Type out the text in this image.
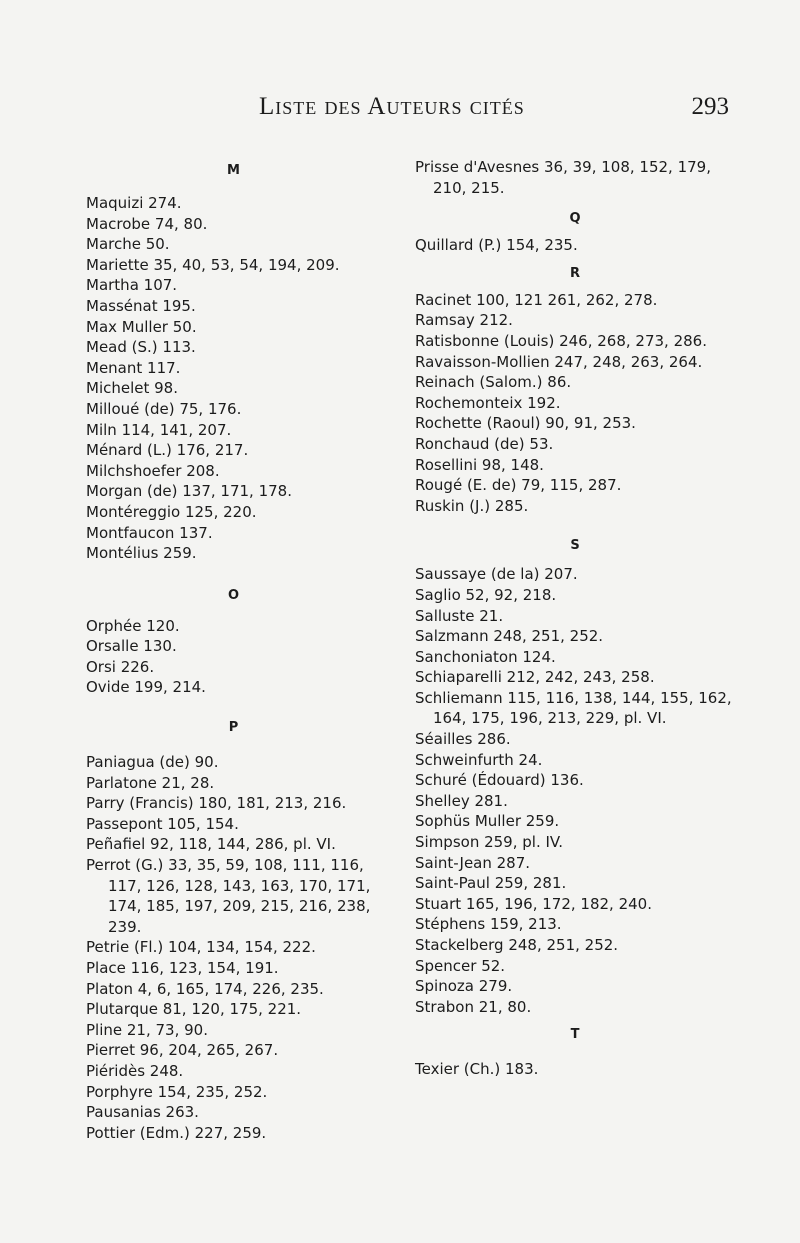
Liste des Auteurs cités	293
M
Maquizi 274.
Macrobe 74, 80.
Marche 50.
Mariette 35, 40, 53, 54, 194, 209.
Martha 107.
Massénat 195.
Max Muller 50.
Mead (S.) 113.
Menant 117.
Michelet 98.
Milloué (de) 75, 176.
Miln 114, 141, 207.
Ménard (L.) 176, 217.
Milchshoefer 208.
Morgan (de) 137, 171, 178.
Montéreggio 125, 220.
Montfaucon 137.
Montélius 259.
O
Orphée 120.
Orsalle 130.
Orsi 226.
Ovide 199, 214.
P
Paniagua (de) 90.
Parlatone 21, 28.
Parry (Francis) 180, 181, 213, 216.
Passepont 105, 154.
Peñafiel 92, 118, 144, 286, pl. VI.
Perrot (G.) 33, 35, 59, 108, 111, 116, 117, 126, 128, 143, 163, 170, 171, 174, 185, 197, 209, 215, 216, 238, 239.
Petrie (Fl.) 104, 134, 154, 222.
Place 116, 123, 154, 191.
Platon 4, 6, 165, 174, 226, 235.
Plutarque 81, 120, 175, 221.
Pline 21, 73, 90.
Pierret 96, 204, 265, 267.
Piéridès 248.
Porphyre 154, 235, 252.
Pausanias 263.
Pottier (Edm.) 227, 259.
Prisse d'Avesnes 36, 39, 108, 152, 179, 210, 215.
Q
Quillard (P.) 154, 235.
R
Racinet 100, 121 261, 262, 278.
Ramsay 212.
Ratisbonne (Louis) 246, 268, 273, 286.
Ravaisson-Mollien 247, 248, 263, 264.
Reinach (Salom.) 86.
Rochemonteix 192.
Rochette (Raoul) 90, 91, 253.
Ronchaud (de) 53.
Rosellini 98, 148.
Rougé (E. de) 79, 115, 287.
Ruskin (J.) 285.
S
Saussaye (de la) 207.
Saglio 52, 92, 218.
Salluste 21.
Salzmann 248, 251, 252.
Sanchoniaton 124.
Schiaparelli 212, 242, 243, 258.
Schliemann 115, 116, 138, 144, 155, 162, 164, 175, 196, 213, 229, pl. VI.
Séailles 286.
Schweinfurth 24.
Schuré (Édouard) 136.
Shelley 281.
Sophüs Muller 259.
Simpson 259, pl. IV.
Saint-Jean 287.
Saint-Paul 259, 281.
Stuart 165, 196, 172, 182, 240.
Stéphens 159, 213.
Stackelberg 248, 251, 252.
Spencer 52.
Spinoza 279.
Strabon 21, 80.
T
Texier (Ch.) 183.
